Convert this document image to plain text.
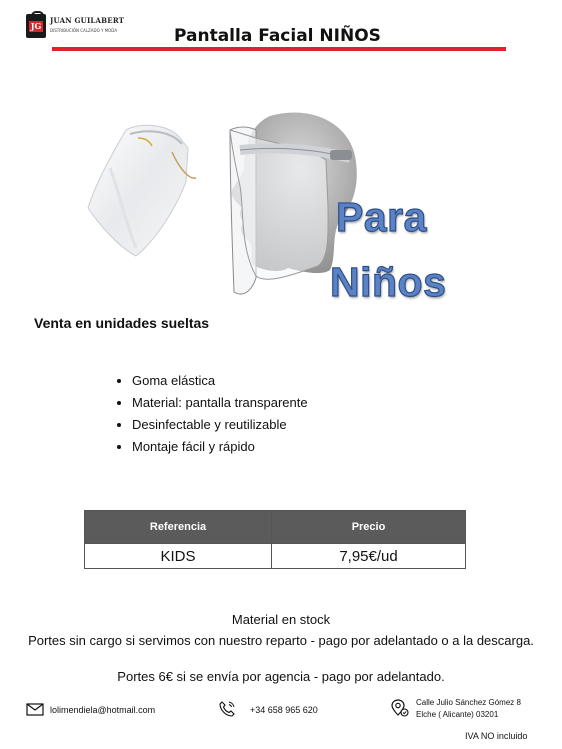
JG
JUAN GUILABERT
DISTRIBUCIÓN CALZADO Y MODA	Pantalla Facial NIÑOS
Para
Niños
Venta en unidades sueltas
• Goma elástica
• Material: pantalla transparente
• Desinfectable y reutilizable
• Montaje fácil y rápido
Referencia	Precio
KIDS	7,95€/ud
Material en stock
Portes sin cargo si servimos con nuestro reparto - pago por adelantado o a la descarga.
Portes 6€ si se envía por agencia - pago por adelantado.
lolimendiela@hotmail.com	+34 658 965 620
Calle Julio Sánchez Gómez 8
Elche ( Alicante) 03201
IVA NO incluido
